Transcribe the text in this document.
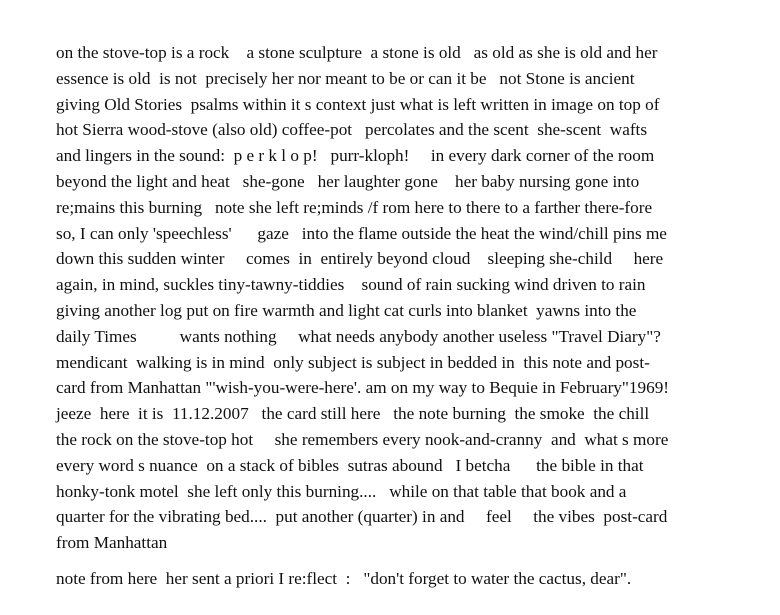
on the stove-top is a rock    a stone sculpture  a stone is old   as old as she is old and her
essence is old  is not  precisely her nor meant to be or can it be   not Stone is ancient
giving Old Stories  psalms within it s context just what is left written in image on top of
hot Sierra wood-stove (also old) coffee-pot   percolates and the scent  she-scent  wafts
and lingers in the sound:  p e r k l o p!   purr-kloph!     in every dark corner of the room
beyond the light and heat   she-gone   her laughter gone    her baby nursing gone into
re;mains this burning   note she left re;minds /f rom here to there to a farther there-fore
so, I can only 'speechless'      gaze   into the flame outside the heat the wind/chill pins me
down this sudden winter     comes  in  entirely beyond cloud    sleeping she-child     here
again, in mind, suckles tiny-tawny-tiddies    sound of rain sucking wind driven to rain
giving another log put on fire warmth and light cat curls into blanket  yawns into the
daily Times          wants nothing     what needs anybody another useless "Travel Diary"?
mendicant  walking is in mind  only subject is subject in bedded in  this note and post-
card from Manhattan "'wish-you-were-here'. am on my way to Bequie in February"1969!
jeeze  here  it is  11.12.2007   the card still here   the note burning  the smoke  the chill
the rock on the stove-top hot     she remembers every nook-and-cranny  and  what s more
every word s nuance  on a stack of bibles  sutras abound   I betcha      the bible in that
honky-tonk motel  she left only this burning....   while on that table that book and a
quarter for the vibrating bed....  put another (quarter) in and     feel     the vibes  post-card
from Manhattan
note from here  her sent a priori I re:flect  :   "don't forget to water the cactus, dear".
